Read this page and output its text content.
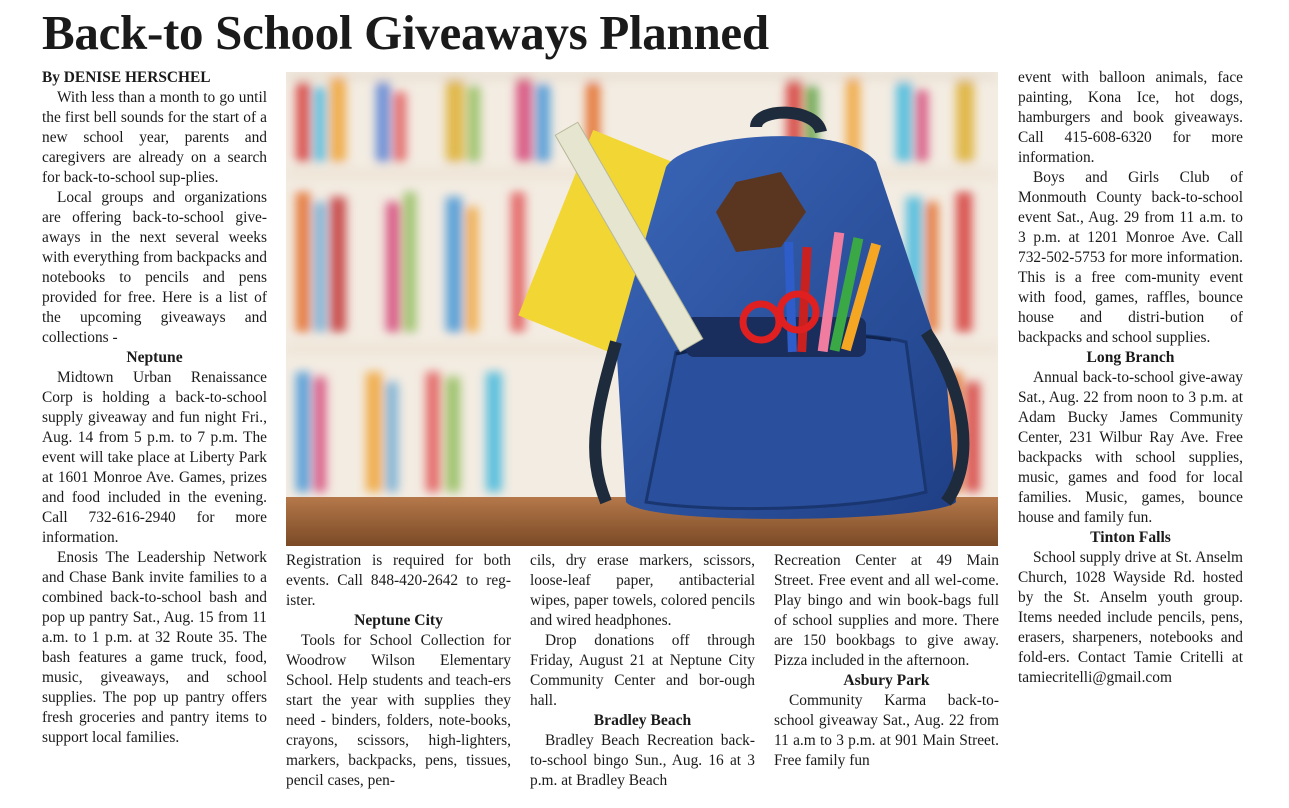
Back-to School Giveaways Planned

By DENISE HERSCHEL

With less than a month to go until the first bell sounds for the start of a new school year, parents and caregivers are already on a search for back-to-school sup-plies.

Local groups and organizations are offering back-to-school give-aways in the next several weeks with everything from backpacks and notebooks to pencils and pens provided for free. Here is a list of the upcoming giveaways and collections -

Neptune

Midtown Urban Renaissance Corp is holding a back-to-school supply giveaway and fun night Fri., Aug. 14 from 5 p.m. to 7 p.m. The event will take place at Liberty Park at 1601 Monroe Ave. Games, prizes and food included in the evening. Call 732-616-2940 for more information.

Enosis The Leadership Network and Chase Bank invite families to a combined back-to-school bash and pop up pantry Sat., Aug. 15 from 11 a.m. to 1 p.m. at 32 Route 35. The bash features a game truck, food, music, giveaways, and school supplies. The pop up pantry offers fresh groceries and pantry items to support local families.

Registration is required for both events. Call 848-420-2642 to reg-ister.

Neptune City

Tools for School Collection for Woodrow Wilson Elementary School. Help students and teach-ers start the year with supplies they need - binders, folders, note-books, crayons, scissors, high-lighters, markers, backpacks, pens, tissues, pencil cases, pen-

cils, dry erase markers, scissors, loose-leaf paper, antibacterial wipes, paper towels, colored pencils and wired headphones.

Drop donations off through Friday, August 21 at Neptune City Community Center and bor-ough hall.

Bradley Beach

Bradley Beach Recreation back-to-school bingo Sun., Aug. 16 at 3 p.m. at Bradley Beach

Recreation Center at 49 Main Street. Free event and all wel-come. Play bingo and win book-bags full of school supplies and more. There are 150 bookbags to give away. Pizza included in the afternoon.

Asbury Park

Community Karma back-to-school giveaway Sat., Aug. 22 from 11 a.m to 3 p.m. at 901 Main Street. Free family fun

event with balloon animals, face painting, Kona Ice, hot dogs, hamburgers and book giveaways. Call 415-608-6320 for more information.

Boys and Girls Club of Monmouth County back-to-school event Sat., Aug. 29 from 11 a.m. to 3 p.m. at 1201 Monroe Ave. Call 732-502-5753 for more information. This is a free com-munity event with food, games, raffles, bounce house and distri-bution of backpacks and school supplies.

Long Branch

Annual back-to-school give-away Sat., Aug. 22 from noon to 3 p.m. at Adam Bucky James Community Center, 231 Wilbur Ray Ave. Free backpacks with school supplies, music, games and food for local families. Music, games, bounce house and family fun.

Tinton Falls

School supply drive at St. Anselm Church, 1028 Wayside Rd. hosted by the St. Anselm youth group. Items needed include pencils, pens, erasers, sharpeners, notebooks and fold-ers. Contact Tamie Critelli at tamiecritelli@gmail.com
